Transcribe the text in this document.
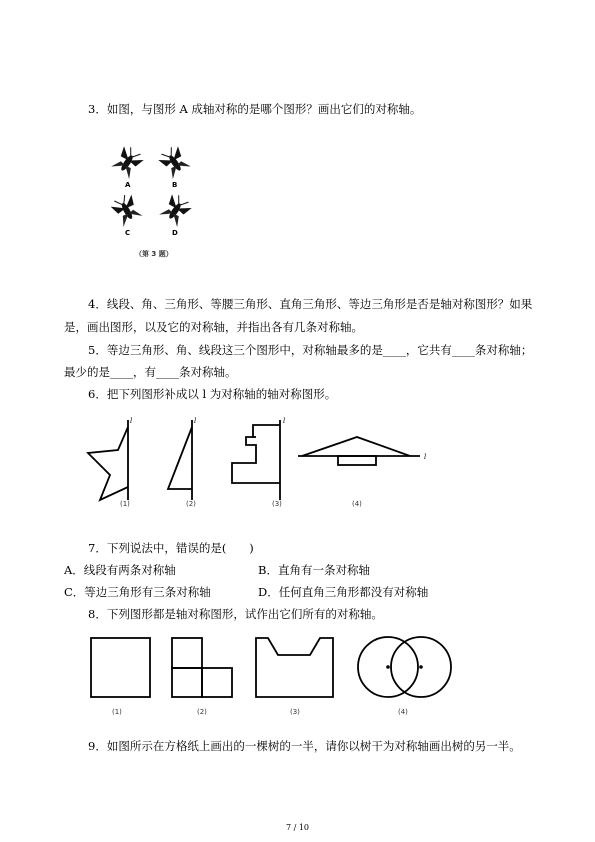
3．如图，与图形 A 成轴对称的是哪个图形？画出它们的对称轴。
A	B
C	D
（第 3 题）
4．线段、角、三角形、等腰三角形、直角三角形、等边三角形是否是轴对称图形？如果
是，画出图形，以及它的对称轴，并指出各有几条对称轴。
5．等边三角形、角、线段这三个图形中，对称轴最多的是____，它共有____条对称轴；
最少的是____，有____条对称轴。
6．把下列图形补成以 l 为对称轴的轴对称图形。
l	l	l
l
(1)	(2)	(3)	(4)
7．下列说法中，错误的是(　　)
A．线段有两条对称轴	B．直角有一条对称轴
C．等边三角形有三条对称轴	D．任何直角三角形都没有对称轴
8．下列图形都是轴对称图形，试作出它们所有的对称轴。
(1)	(2)	(3)	(4)
9．如图所示在方格纸上画出的一棵树的一半，请你以树干为对称轴画出树的另一半。
7 / 10
